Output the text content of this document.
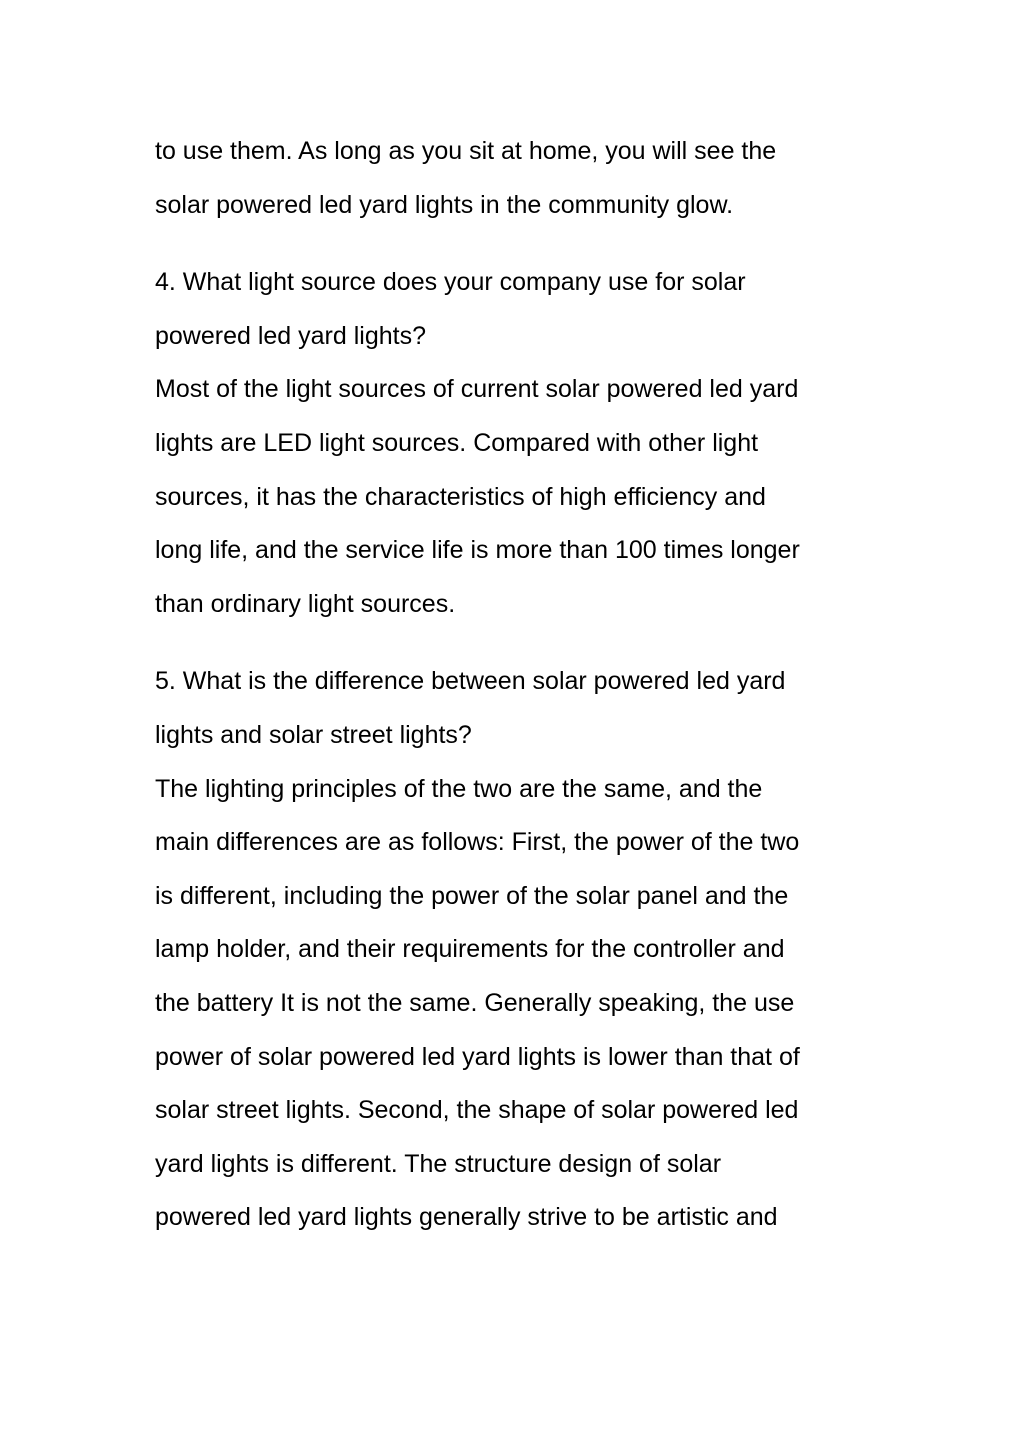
to use them. As long as you sit at home, you will see the

solar powered led yard lights in the community glow.

4. What light source does your company use for solar

powered led yard lights?

Most of the light sources of current solar powered led yard

lights are LED light sources. Compared with other light

sources, it has the characteristics of high efficiency and

long life, and the service life is more than 100 times longer

than ordinary light sources.

5. What is the difference between solar powered led yard

lights and solar street lights?

The lighting principles of the two are the same, and the

main differences are as follows: First, the power of the two

is different, including the power of the solar panel and the

lamp holder, and their requirements for the controller and

the battery It is not the same. Generally speaking, the use

power of solar powered led yard lights is lower than that of

solar street lights. Second, the shape of solar powered led

yard lights is different. The structure design of solar

powered led yard lights generally strive to be artistic and
